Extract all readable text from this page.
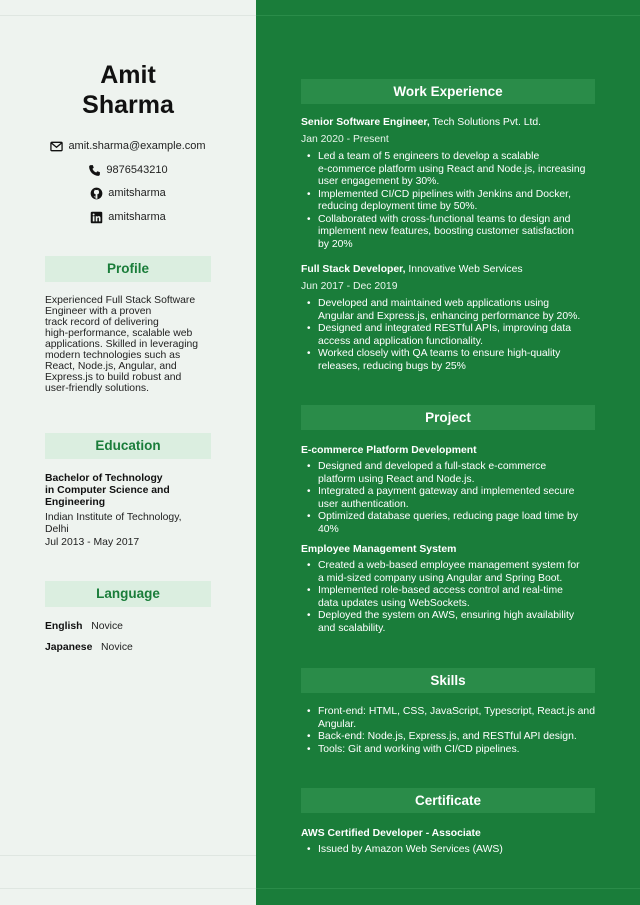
Amit
Sharma
amit.sharma@example.com
9876543210
amitsharma
amitsharma
Profile
Experienced Full Stack Software
Engineer with a proven
track record of delivering
high-performance, scalable web
applications. Skilled in leveraging
modern technologies such as
React, Node.js, Angular, and
Express.js to build robust and
user-friendly solutions.
Education
Bachelor of Technology
in Computer Science and
Engineering
Indian Institute of Technology,
Delhi
Jul 2013 - May 2017
Language
English Novice
Japanese Novice
Work Experience
Senior Software Engineer, Tech Solutions Pvt. Ltd.
Jan 2020 - Present
• Led a team of 5 engineers to develop a scalable
e-commerce platform using React and Node.js, increasing
user engagement by 30%.
• Implemented CI/CD pipelines with Jenkins and Docker,
reducing deployment time by 50%.
• Collaborated with cross-functional teams to design and
implement new features, boosting customer satisfaction
by 20%
Full Stack Developer, Innovative Web Services
Jun 2017 - Dec 2019
• Developed and maintained web applications using
Angular and Express.js, enhancing performance by 20%.
• Designed and integrated RESTful APIs, improving data
access and application functionality.
• Worked closely with QA teams to ensure high-quality
releases, reducing bugs by 25%
Project
E-commerce Platform Development
• Designed and developed a full-stack e-commerce
platform using React and Node.js.
• Integrated a payment gateway and implemented secure
user authentication.
• Optimized database queries, reducing page load time by
40%
Employee Management System
• Created a web-based employee management system for
a mid-sized company using Angular and Spring Boot.
• Implemented role-based access control and real-time
data updates using WebSockets.
• Deployed the system on AWS, ensuring high availability
and scalability.
Skills
• Front-end: HTML, CSS, JavaScript, Typescript, React.js and
Angular.
• Back-end: Node.js, Express.js, and RESTful API design.
• Tools: Git and working with CI/CD pipelines.
Certificate
AWS Certified Developer - Associate
• Issued by Amazon Web Services (AWS)
